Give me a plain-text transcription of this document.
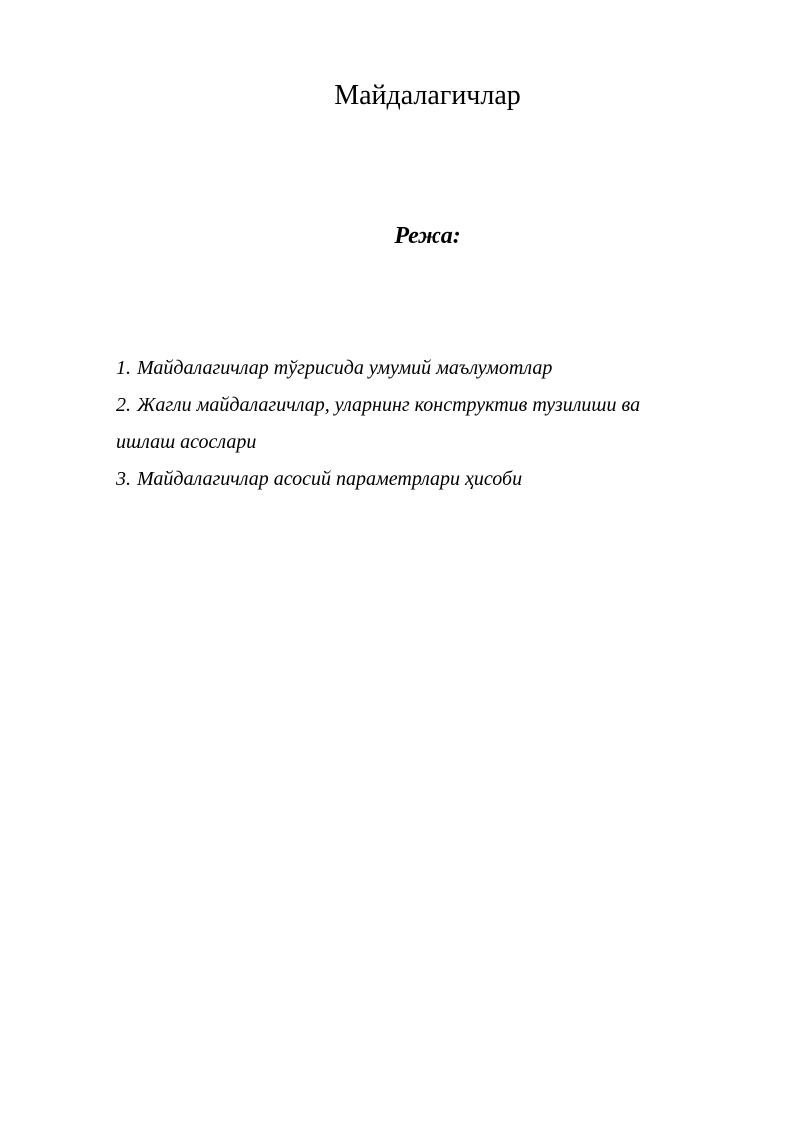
Майдалагичлар
Режа:
1. Майдалагичлар тўгрисида умумий маълумотлар
2. Жагли майдалагичлар, уларнинг конструктив тузилиши ва ишлаш асослари
3. Майдалагичлар асосий параметрлари ҳисоби
